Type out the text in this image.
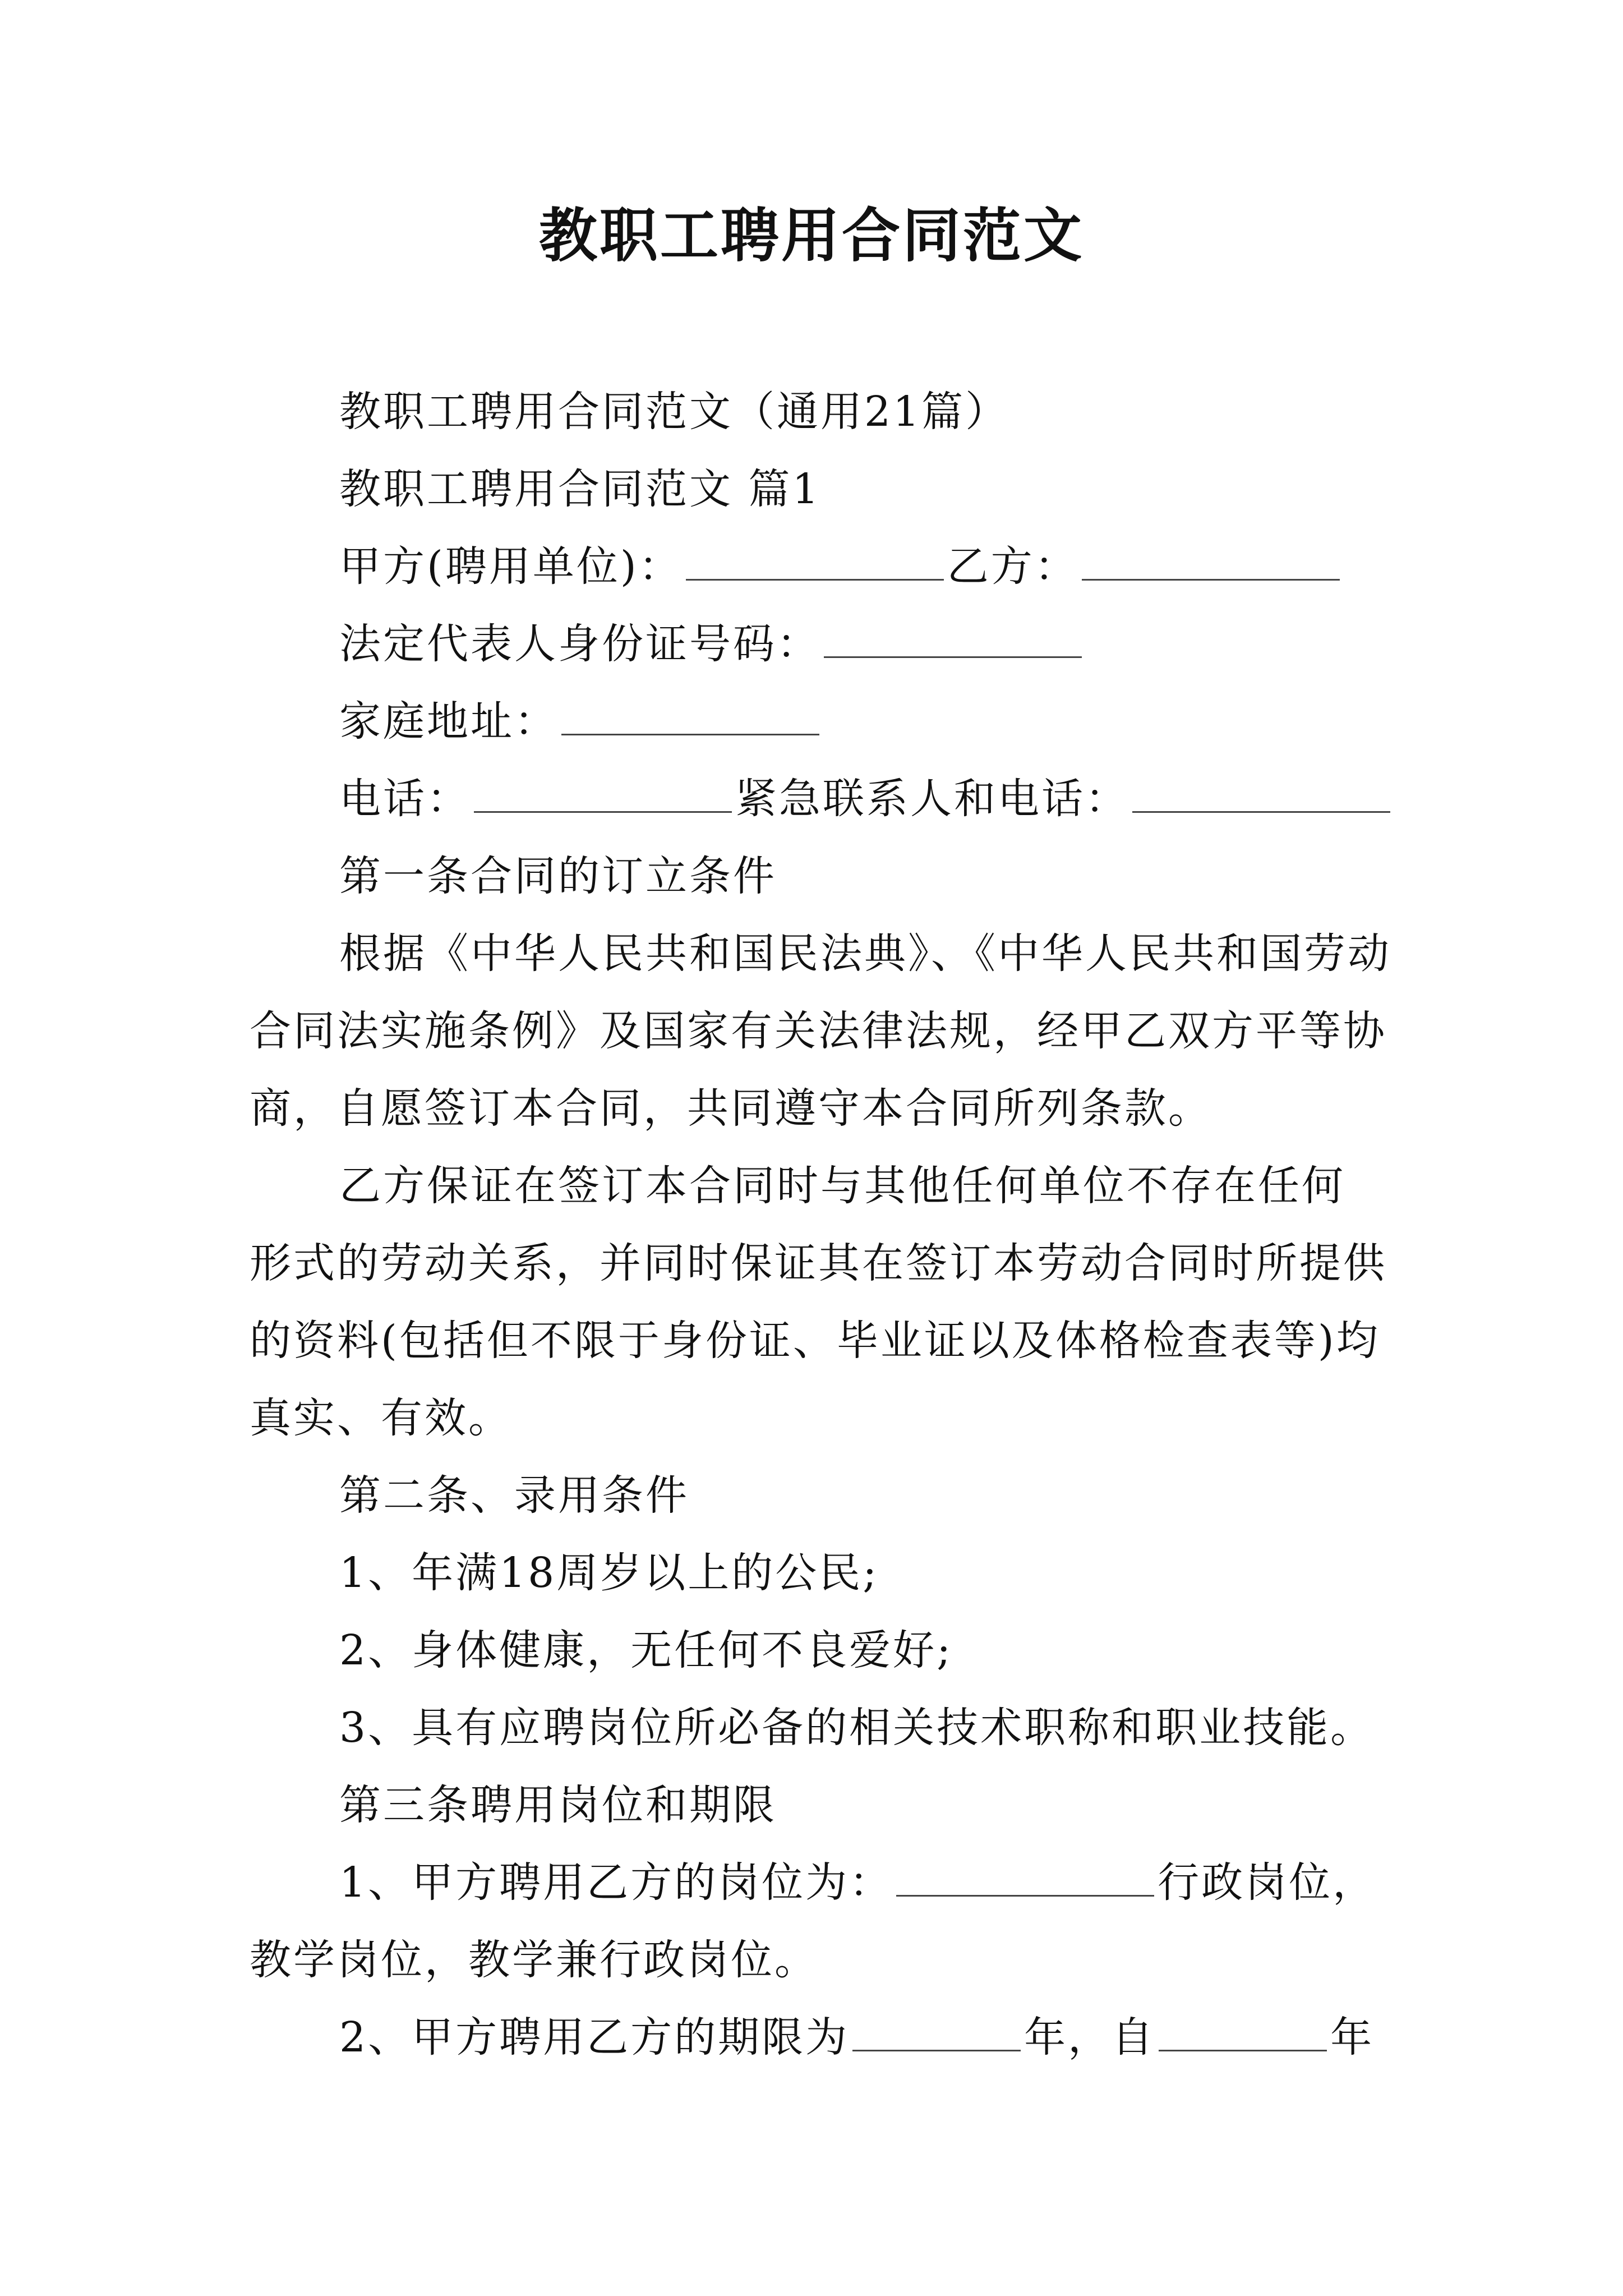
教职工聘用合同范文
教职工聘用合同范文（通用21篇）
教职工聘用合同范文 篇1
甲方(聘用单位)：	乙方：
法定代表人身份证号码：
家庭地址：
电话：	紧急联系人和电话：
第一条合同的订立条件
根据《中华人民共和国民法典》、《中华人民共和国劳动
合同法实施条例》及国家有关法律法规，经甲乙双方平等协
商，自愿签订本合同，共同遵守本合同所列条款。
乙方保证在签订本合同时与其他任何单位不存在任何
形式的劳动关系，并同时保证其在签订本劳动合同时所提供
的资料(包括但不限于身份证、毕业证以及体格检查表等)均
真实、有效。
第二条、录用条件
1、年满18周岁以上的公民;
2、身体健康，无任何不良爱好;
3、具有应聘岗位所必备的相关技术职称和职业技能。
第三条聘用岗位和期限
1、甲方聘用乙方的岗位为：	行政岗位，
教学岗位，教学兼行政岗位。
2、甲方聘用乙方的期限为	年，自	年
